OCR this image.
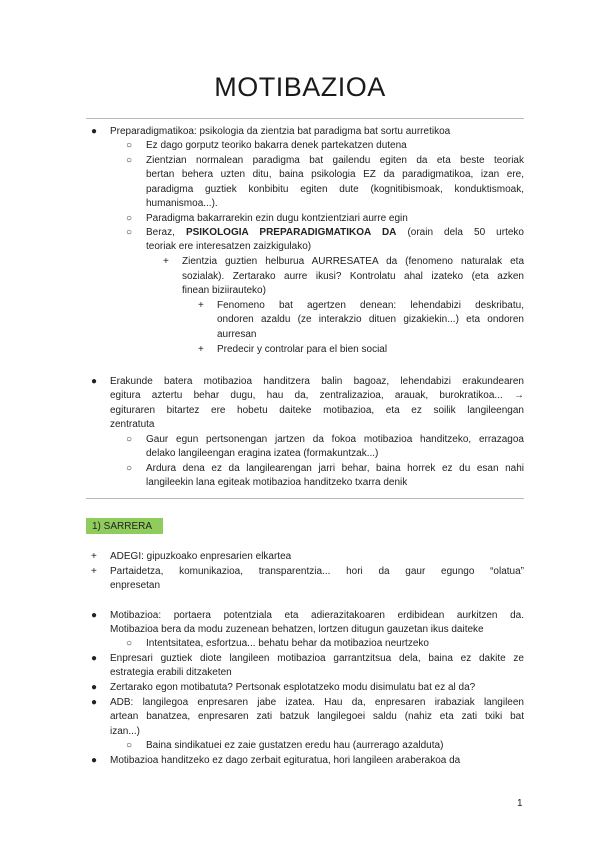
MOTIBAZIOA
● Preparadigmatikoa: psikologia da zientzia bat paradigma bat sortu aurretikoa
○ Ez dago gorputz teoriko bakarra denek partekatzen dutena
○ Zientzian normalean paradigma bat gailendu egiten da eta beste teoriak
bertan behera uzten ditu, baina psikologia EZ da paradigmatikoa, izan ere,
paradigma guztiek konbibitu egiten dute (kognitibismoak, konduktismoak,
humanismoa...).
○ Paradigma bakarrarekin ezin dugu kontzientziari aurre egin
○ Beraz, PSIKOLOGIA PREPARADIGMATIKOA DA (orain dela 50 urteko
teoriak ere interesatzen zaizkigulako)
+ Zientzia guztien helburua AURRESATEA da (fenomeno naturalak eta
sozialak). Zertarako aurre ikusi? Kontrolatu ahal izateko (eta azken
finean biziirauteko)
+ Fenomeno bat agertzen denean: lehendabizi deskribatu,
ondoren azaldu (ze interakzio dituen gizakiekin...) eta ondoren
aurresan
+ Predecir y controlar para el bien social
● Erakunde batera motibazioa handitzera balin bagoaz, lehendabizi erakundearen
egitura aztertu behar dugu, hau da, zentralizazioa, arauak, burokratikoa... →
egituraren bitartez ere hobetu daiteke motibazioa, eta ez soilik langileengan
zentratuta
○ Gaur egun pertsonengan jartzen da fokoa motibazioa handitzeko, errazagoa
delako langileengan eragina izatea (formakuntzak...)
○ Ardura dena ez da langilearengan jarri behar, baina horrek ez du esan nahi
langileekin lana egiteak motibazioa handitzeko txarra denik
1) SARRERA
+ ADEGI: gipuzkoako enpresarien elkartea
+ Partaidetza, komunikazioa, transparentzia... hori da gaur egungo “olatua”
enpresetan
● Motibazioa: portaera potentziala eta adierazitakoaren erdibidean aurkitzen da.
Motibazioa bera da modu zuzenean behatzen, lortzen ditugun gauzetan ikus daiteke
○ Intentsitatea, esfortzua... behatu behar da motibazioa neurtzeko
● Enpresari guztiek diote langileen motibazioa garrantzitsua dela, baina ez dakite ze
estrategia erabili ditzaketen
● Zertarako egon motibatuta? Pertsonak esplotatzeko modu disimulatu bat ez al da?
● ADB: langilegoa enpresaren jabe izatea. Hau da, enpresaren irabaziak langileen
artean banatzea, enpresaren zati batzuk langilegoei saldu (nahiz eta zati txiki bat
izan...)
○ Baina sindikatuei ez zaie gustatzen eredu hau (aurrerago azalduta)
● Motibazioa handitzeko ez dago zerbait egituratua, hori langileen araberakoa da
1
